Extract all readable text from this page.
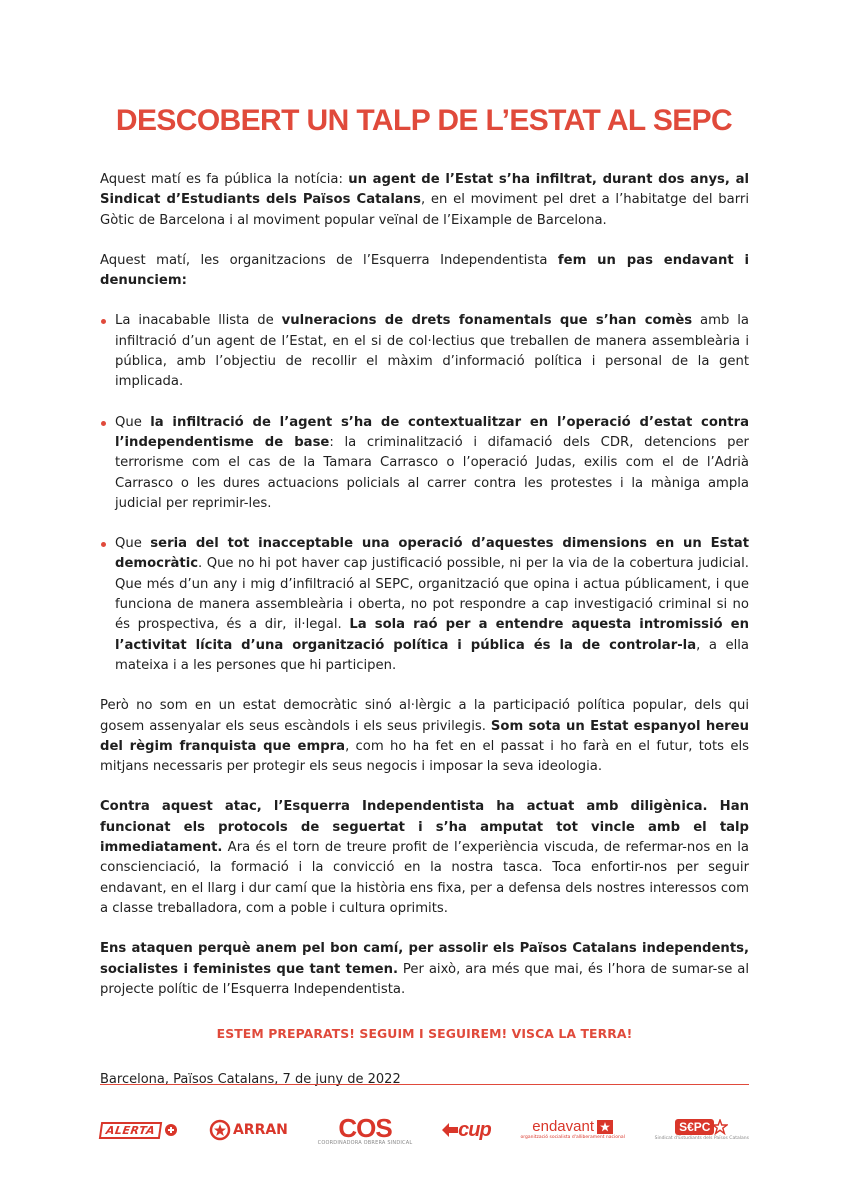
DESCOBERT UN TALP DE L’ESTAT AL SEPC

Aquest matí es fa pública la notícia: un agent de l’Estat s’ha infiltrat, durant dos anys, al Sindicat d’Estudiants dels Països Catalans, en el moviment pel dret a l’habitatge del barri Gòtic de Barcelona i al moviment popular veïnal de l’Eixample de Barcelona.

Aquest matí, les organitzacions de l’Esquerra Independentista fem un pas endavant i denunciem:

La inacabable llista de vulneracions de drets fonamentals que s’han comès amb la infiltració d’un agent de l’Estat, en el si de col·lectius que treballen de manera assembleària i pública, amb l’objectiu de recollir el màxim d’informació política i personal de la gent implicada.

Que la infiltració de l’agent s’ha de contextualitzar en l’operació d’estat contra l’independentisme de base: la criminalització i difamació dels CDR, detencions per terrorisme com el cas de la Tamara Carrasco o l’operació Judas, exilis com el de l’Adrià Carrasco o les dures actuacions policials al carrer contra les protestes i la màniga ampla judicial per reprimir-les.

Que seria del tot inacceptable una operació d’aquestes dimensions en un Estat democràtic. Que no hi pot haver cap justificació possible, ni per la via de la cobertura judicial. Que més d’un any i mig d’infiltració al SEPC, organització que opina i actua públicament, i que funciona de manera assembleària i oberta, no pot respondre a cap investigació criminal si no és prospectiva, és a dir, il·legal. La sola raó per a entendre aquesta intromissió en l’activitat lícita d’una organització política i pública és la de controlar-la, a ella mateixa i a les persones que hi participen.

Però no som en un estat democràtic sinó al·lèrgic a la participació política popular, dels qui gosem assenyalar els seus escàndols i els seus privilegis. Som sota un Estat espanyol hereu del règim franquista que empra, com ho ha fet en el passat i ho farà en el futur, tots els mitjans necessaris per protegir els seus negocis i imposar la seva ideologia.

Contra aquest atac, l’Esquerra Independentista ha actuat amb diligènica. Han funcionat els protocols de seguertat i s’ha amputat tot vincle amb el talp immediatament. Ara és el torn de treure profit de l’experiència viscuda, de refermar-nos en la conscienciació, la formació i la convicció en la nostra tasca. Toca enfortir-nos per seguir endavant, en el llarg i dur camí que la història ens fixa, per a defensa dels nostres interessos com a classe treballadora, com a poble i cultura oprimits.

Ens ataquen perquè anem pel bon camí, per assolir els Països Catalans independents, socialistes i feministes que tant temen. Per això, ara més que mai, és l’hora de sumar-se al projecte polític de l’Esquerra Independentista.

ESTEM PREPARATS! SEGUIM I SEGUIREM! VISCA LA TERRA!

Barcelona, Països Catalans, 7 de juny de 2022

ALERTA	ARRAN COS
COORDINADORA OBRERA SINDICAL
cup	endavant
organització socialista d'alliberament nacional
S€PC
Sindicat d'Estudiants dels Països Catalans
